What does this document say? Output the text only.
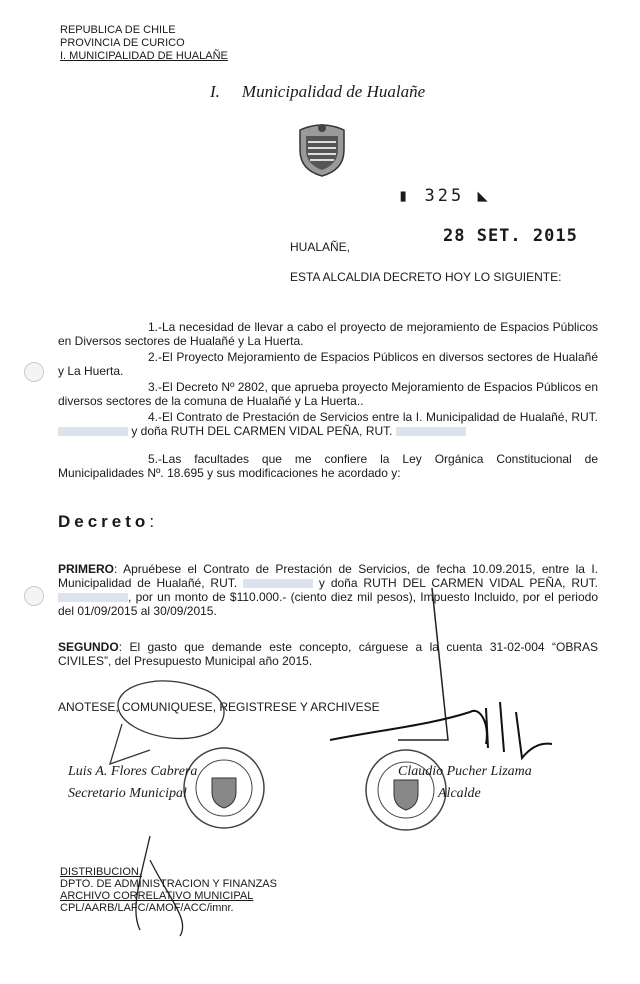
REPUBLICA DE CHILE
PROVINCIA DE CURICO
I. MUNICIPALIDAD DE HUALAÑE
I. Municipalidad de Hualañe
▮ 325 ◣
28 SET. 2015
HUALAÑE,
ESTA ALCALDIA DECRETO HOY LO SIGUIENTE:
1.-La necesidad de llevar a cabo el proyecto de mejoramiento de Espacios Públicos en Diversos sectores de Hualañé y La Huerta.
2.-El Proyecto Mejoramiento de Espacios Públicos en diversos sectores de Hualañé y La Huerta.
3.-El Decreto Nº 2802, que aprueba proyecto Mejoramiento de Espacios Públicos en diversos sectores de la comuna de Hualañé y La Huerta..
4.-El Contrato de Prestación de Servicios entre la I. Municipalidad de Hualañé, RUT.  y doña RUTH DEL CARMEN VIDAL PEÑA, RUT.
5.-Las facultades que me confiere la Ley Orgánica Constitucional de Municipalidades Nº. 18.695 y sus modificaciones he acordado y:
Decreto:
PRIMERO: Apruébese el Contrato de Prestación de Servicios, de fecha 10.09.2015, entre la I. Municipalidad de Hualañé, RUT.	y doña RUTH DEL CARMEN VIDAL PEÑA, RUT. , por un monto de $110.000.- (ciento diez mil pesos), Impuesto Incluido, por el periodo del 01/09/2015 al 30/09/2015.
SEGUNDO: El gasto que demande este concepto, cárguese a la cuenta 31-02-004 “OBRAS CIVILES”, del Presupuesto Municipal año 2015.
ANOTESE, COMUNIQUESE, REGISTRESE Y ARCHIVESE
Luis A. Flores Cabrera
Secretario Municipal
Claudio Pucher Lizama
Alcalde
DISTRIBUCION.
DPTO. DE ADMINISTRACION Y FINANZAS
ARCHIVO CORRELATIVO MUNICIPAL
CPL/AARB/LAFC/AMOF/ACC/imnr.
